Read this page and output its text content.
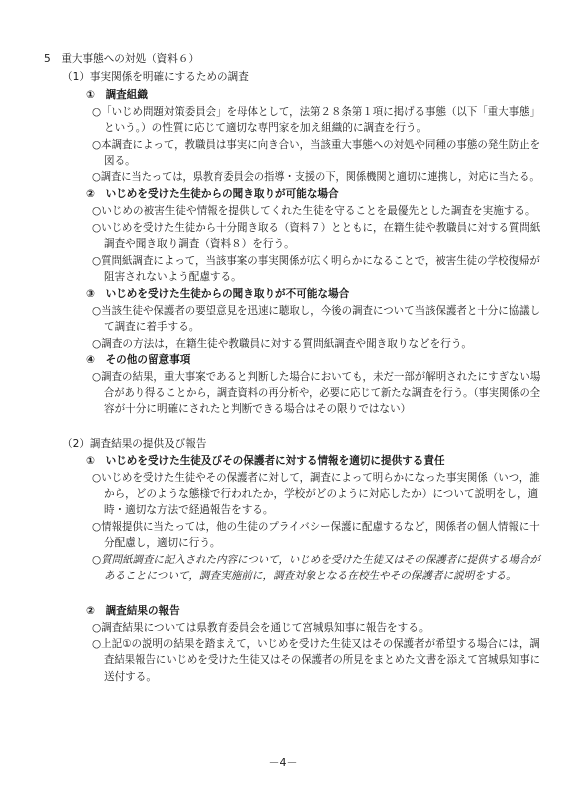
5　重大事態への対処（資料６）
（1）事実関係を明確にするための調査
①　調査組織
○「いじめ問題対策委員会」を母体として，法第２８条第１項に掲げる事態（以下「重大事態」
という。）の性質に応じて適切な専門家を加え組織的に調査を行う。
○本調査によって，教職員は事実に向き合い，当該重大事態への対処や同種の事態の発生防止を
図る。
○調査に当たっては，県教育委員会の指導・支援の下，関係機関と適切に連携し，対応に当たる。
②　いじめを受けた生徒からの聞き取りが可能な場合
○いじめの被害生徒や情報を提供してくれた生徒を守ることを最優先とした調査を実施する。
○いじめを受けた生徒から十分聞き取る（資料７）とともに，在籍生徒や教職員に対する質問紙
調査や聞き取り調査（資料８）を行う。
○質問紙調査によって，当該事案の事実関係が広く明らかになることで，被害生徒の学校復帰が
阻害されないよう配慮する。
③　いじめを受けた生徒からの聞き取りが不可能な場合
○当該生徒や保護者の要望意見を迅速に聴取し，今後の調査について当該保護者と十分に協議し
て調査に着手する。
○調査の方法は，在籍生徒や教職員に対する質問紙調査や聞き取りなどを行う。
④　その他の留意事項
○調査の結果，重大事案であると判断した場合においても，未だ一部が解明されたにすぎない場
合があり得ることから，調査資料の再分析や，必要に応じて新たな調査を行う。（事実関係の全
容が十分に明確にされたと判断できる場合はその限りではない）
（2）調査結果の提供及び報告
①　いじめを受けた生徒及びその保護者に対する情報を適切に提供する責任
○いじめを受けた生徒やその保護者に対して，調査によって明らかになった事実関係（いつ，誰
から，どのような態様で行われたか，学校がどのように対応したか）について説明をし，適
時・適切な方法で経過報告をする。
○情報提供に当たっては，他の生徒のプライバシー保護に配慮するなど，関係者の個人情報に十
分配慮し，適切に行う。
○質問紙調査に記入された内容について，いじめを受けた生徒又はその保護者に提供する場合が
あることについて，調査実施前に，調査対象となる在校生やその保護者に説明をする。
②　調査結果の報告
○調査結果については県教育委員会を通じて宮城県知事に報告をする。
○上記①の説明の結果を踏まえて，いじめを受けた生徒又はその保護者が希望する場合には，調
査結果報告にいじめを受けた生徒又はその保護者の所見をまとめた文書を添えて宮城県知事に
送付する。
－4－
